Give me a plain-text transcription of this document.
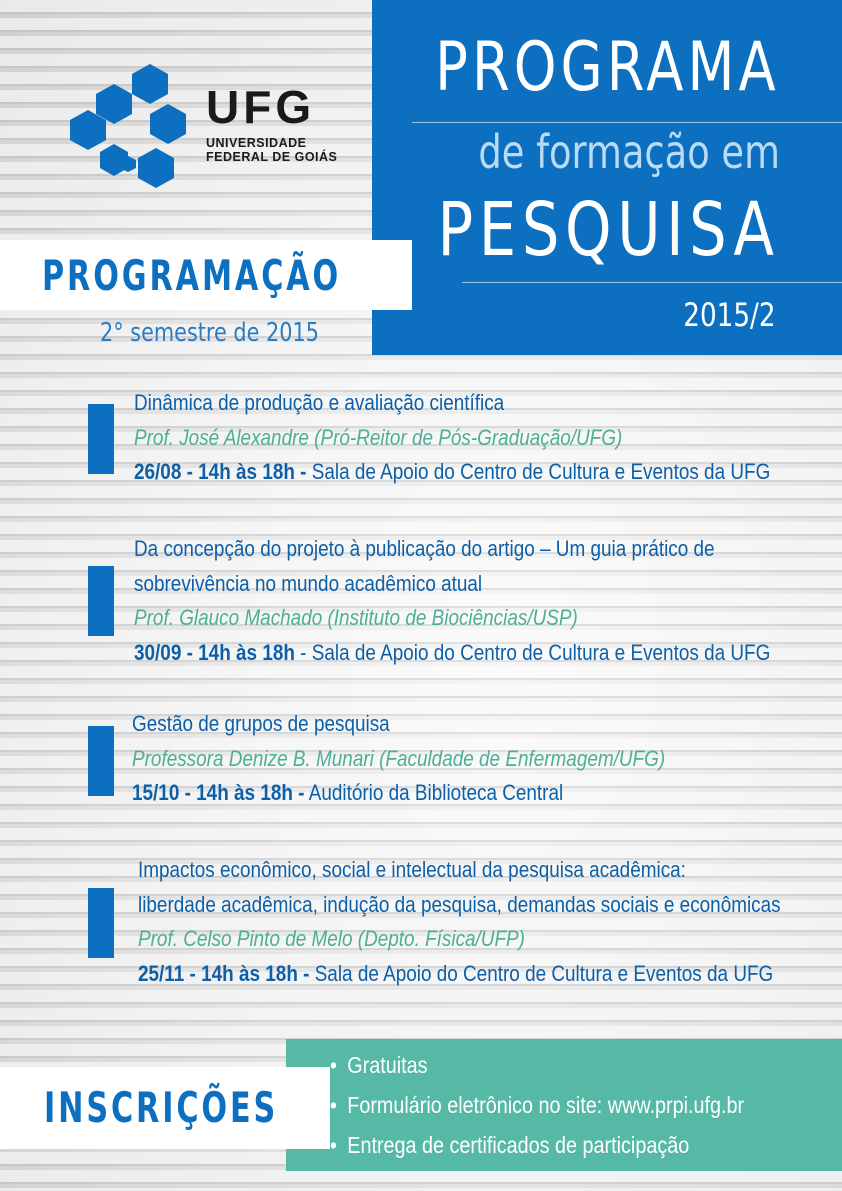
UFG
UNIVERSIDADE
FEDERAL DE GOIÁS
PROGRAMA
de formação em
PESQUISA
2015/2
PROGRAMAÇÃO
2° semestre de 2015
Dinâmica de produção e avaliação científica
Prof. José Alexandre (Pró-Reitor de Pós-Graduação/UFG)
26/08 - 14h às 18h - Sala de Apoio do Centro de Cultura e Eventos da UFG
Da concepção do projeto à publicação do artigo – Um guia prático de
sobrevivência no mundo acadêmico atual
Prof. Glauco Machado (Instituto de Biociências/USP)
30/09 - 14h às 18h - Sala de Apoio do Centro de Cultura e Eventos da UFG
Gestão de grupos de pesquisa
Professora Denize B. Munari (Faculdade de Enfermagem/UFG)
15/10 - 14h às 18h - Auditório da Biblioteca Central
Impactos econômico, social e intelectual da pesquisa acadêmica:
liberdade acadêmica, indução da pesquisa, demandas sociais e econômicas
Prof. Celso Pinto de Melo (Depto. Física/UFP)
25/11 - 14h às 18h - Sala de Apoio do Centro de Cultura e Eventos da UFG
INSCRIÇÕES
• Gratuitas
• Formulário eletrônico no site: www.prpi.ufg.br
• Entrega de certificados de participação
